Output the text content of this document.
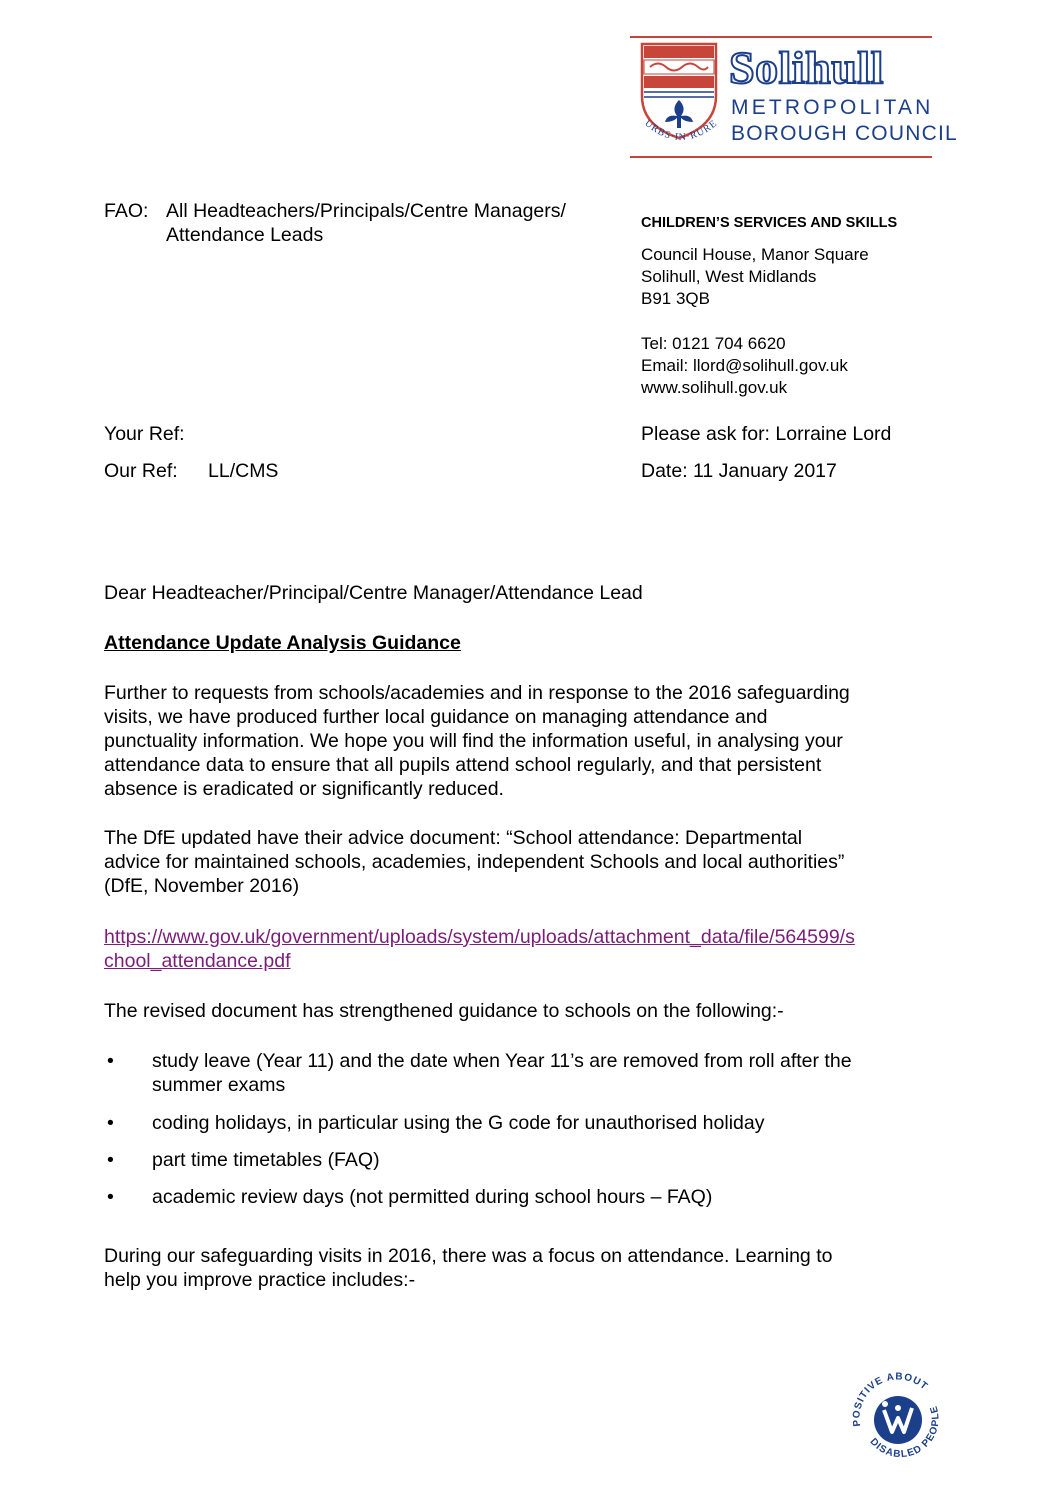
URBS·IN·RURE
Solihull
METROPOLITAN
BOROUGH COUNCIL
FAO: All Headteachers/Principals/Centre Managers/
Attendance Leads
CHILDREN’S SERVICES AND SKILLS
Council House, Manor Square
Solihull, West Midlands
B91 3QB
Tel: 0121 704 6620
Email: llord@solihull.gov.uk
www.solihull.gov.uk
Your Ref:
Our Ref: LL/CMS
Please ask for: Lorraine Lord
Date: 11 January 2017
Dear Headteacher/Principal/Centre Manager/Attendance Lead
Attendance Update Analysis Guidance
Further to requests from schools/academies and in response to the 2016 safeguarding
visits, we have produced further local guidance on managing attendance and
punctuality information. We hope you will find the information useful, in analysing your
attendance data to ensure that all pupils attend school regularly, and that persistent
absence is eradicated or significantly reduced.
The DfE updated have their advice document: “School attendance: Departmental
advice for maintained schools, academies, independent Schools and local authorities”
(DfE, November 2016)
https://www.gov.uk/government/uploads/system/uploads/attachment_data/file/564599/s
chool_attendance.pdf
The revised document has strengthened guidance to schools on the following:-
• study leave (Year 11) and the date when Year 11’s are removed from roll after the
summer exams
• coding holidays, in particular using the G code for unauthorised holiday
• part time timetables (FAQ)
• academic review days (not permitted during school hours – FAQ)
During our safeguarding visits in 2016, there was a focus on attendance. Learning to
help you improve practice includes:-
POSITIVE ABOUT
DISABLED PEOPLE
